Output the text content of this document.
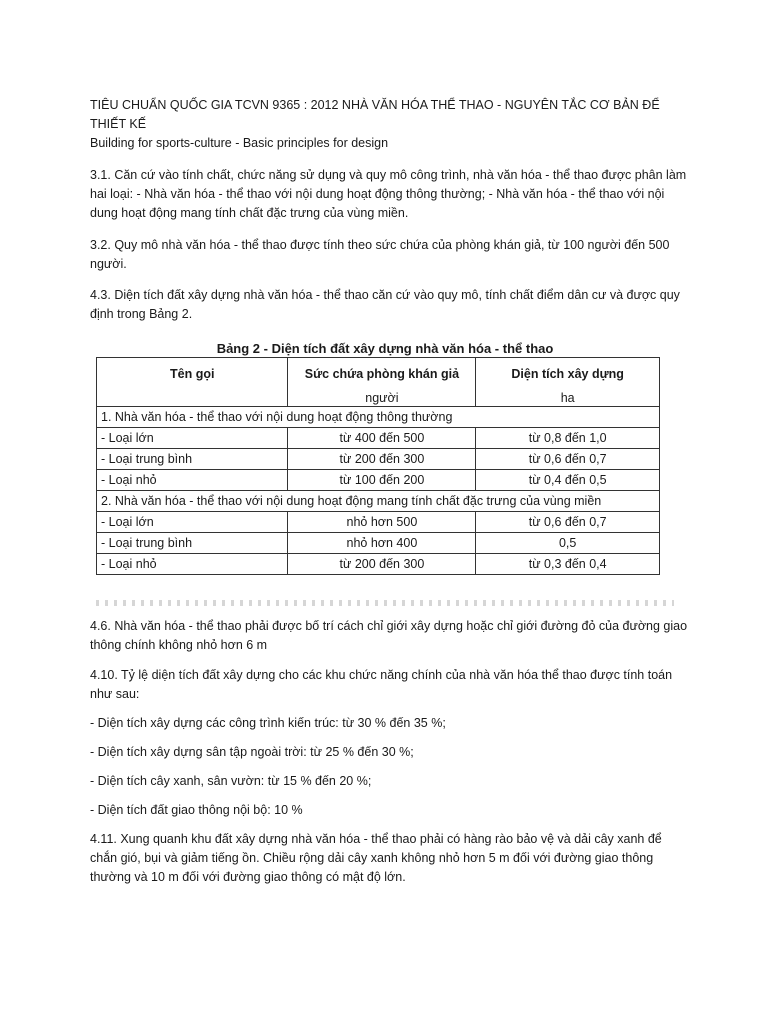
TIÊU CHUẨN QUỐC GIA TCVN 9365 : 2012 NHÀ VĂN HÓA THỂ THAO - NGUYÊN TẮC CƠ BẢN ĐỂ THIẾT KẾ
Building for sports-culture - Basic principles for design

3.1. Căn cứ vào tính chất, chức năng sử dụng và quy mô công trình, nhà văn hóa - thể thao được phân làm hai loại: - Nhà văn hóa - thể thao với nội dung hoạt động thông thường; - Nhà văn hóa - thể thao với nội dung hoạt động mang tính chất đặc trưng của vùng miền.

3.2. Quy mô nhà văn hóa - thể thao được tính theo sức chứa của phòng khán giả, từ 100 người đến 500 người.

4.3. Diện tích đất xây dựng nhà văn hóa - thể thao căn cứ vào quy mô, tính chất điểm dân cư và được quy định trong Bảng 2.

Bảng 2 - Diện tích đất xây dựng nhà văn hóa - thể thao
Tên gọi	Sức chứa phòng khán giả	Diện tích xây dựng
	người	ha
1. Nhà văn hóa - thể thao với nội dung hoạt động thông thường		
- Loại lớn	từ 400 đến 500	từ 0,8 đến 1,0
- Loại trung bình	từ 200 đến 300	từ 0,6 đến 0,7
- Loại nhỏ	từ 100 đến 200	từ 0,4 đến 0,5
2. Nhà văn hóa - thể thao với nội dung hoạt động mang tính chất đặc trưng của vùng miền		
- Loại lớn	nhỏ hơn 500	từ 0,6 đến 0,7
- Loại trung bình	nhỏ hơn 400	0,5
- Loại nhỏ	từ 200 đến 300	từ 0,3 đến 0,4

4.6. Nhà văn hóa - thể thao phải được bố trí cách chỉ giới xây dựng hoặc chỉ giới đường đỏ của đường giao thông chính không nhỏ hơn 6 m

4.10. Tỷ lệ diện tích đất xây dựng cho các khu chức năng chính của nhà văn hóa thể thao được tính toán như sau:

- Diện tích xây dựng các công trình kiến trúc: từ 30 % đến 35 %;

- Diện tích xây dựng sân tập ngoài trời: từ 25 % đến 30 %;

- Diện tích cây xanh, sân vườn: từ 15 % đến 20 %;

- Diện tích đất giao thông nội bộ: 10 %

4.11. Xung quanh khu đất xây dựng nhà văn hóa - thể thao phải có hàng rào bảo vệ và dải cây xanh để chắn gió, bụi và giảm tiếng ồn. Chiều rộng dải cây xanh không nhỏ hơn 5 m đối với đường giao thông thường và 10 m đối với đường giao thông có mật độ lớn.
